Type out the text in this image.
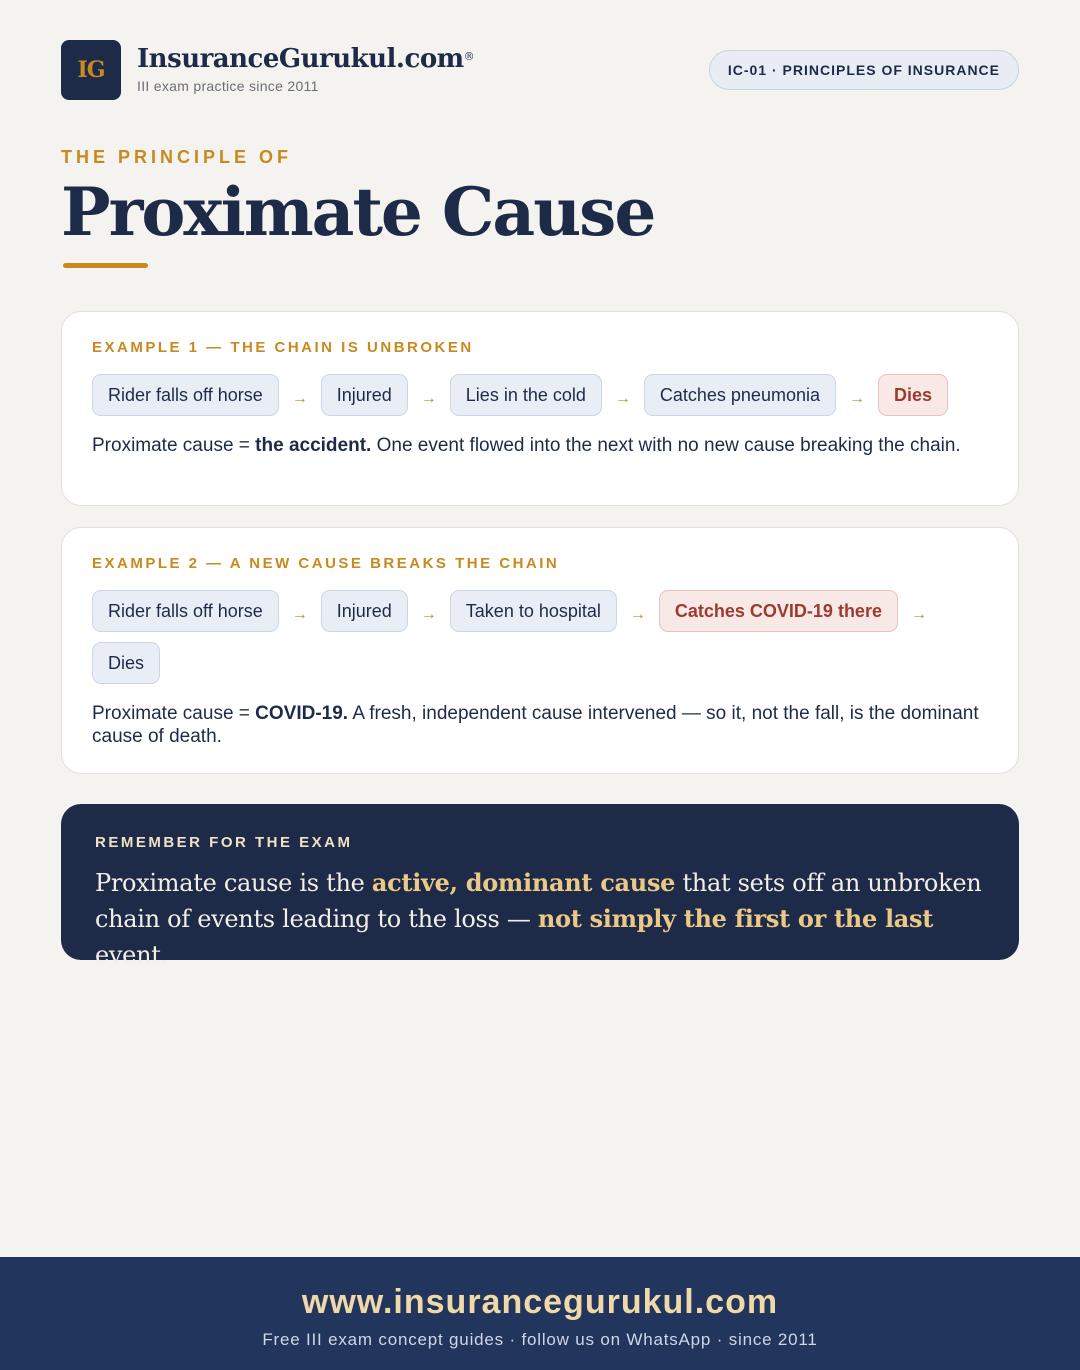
IG	InsuranceGurukul.com®
III exam practice since 2011
IC-01 · PRINCIPLES OF INSURANCE
THE PRINCIPLE OF
Proximate Cause
EXAMPLE 1 — THE CHAIN IS UNBROKEN
Rider falls off horse	→	Injured	→	Lies in the cold	→	Catches pneumonia	→	Dies

Proximate cause = the accident. One event flowed into the next with no new cause breaking the chain.

EXAMPLE 2 — A NEW CAUSE BREAKS THE CHAIN
Rider falls off horse	→	Injured	→	Taken to hospital	→	Catches COVID-19 there	→
Dies

Proximate cause = COVID-19. A fresh, independent cause intervened — so it, not the fall, is the dominant cause of death.

REMEMBER FOR THE EXAM

Proximate cause is the active, dominant cause that sets off an unbroken chain of events leading to the loss — not simply the first or the last event.

www.insurancegurukul.com
Free III exam concept guides · follow us on WhatsApp · since 2011
